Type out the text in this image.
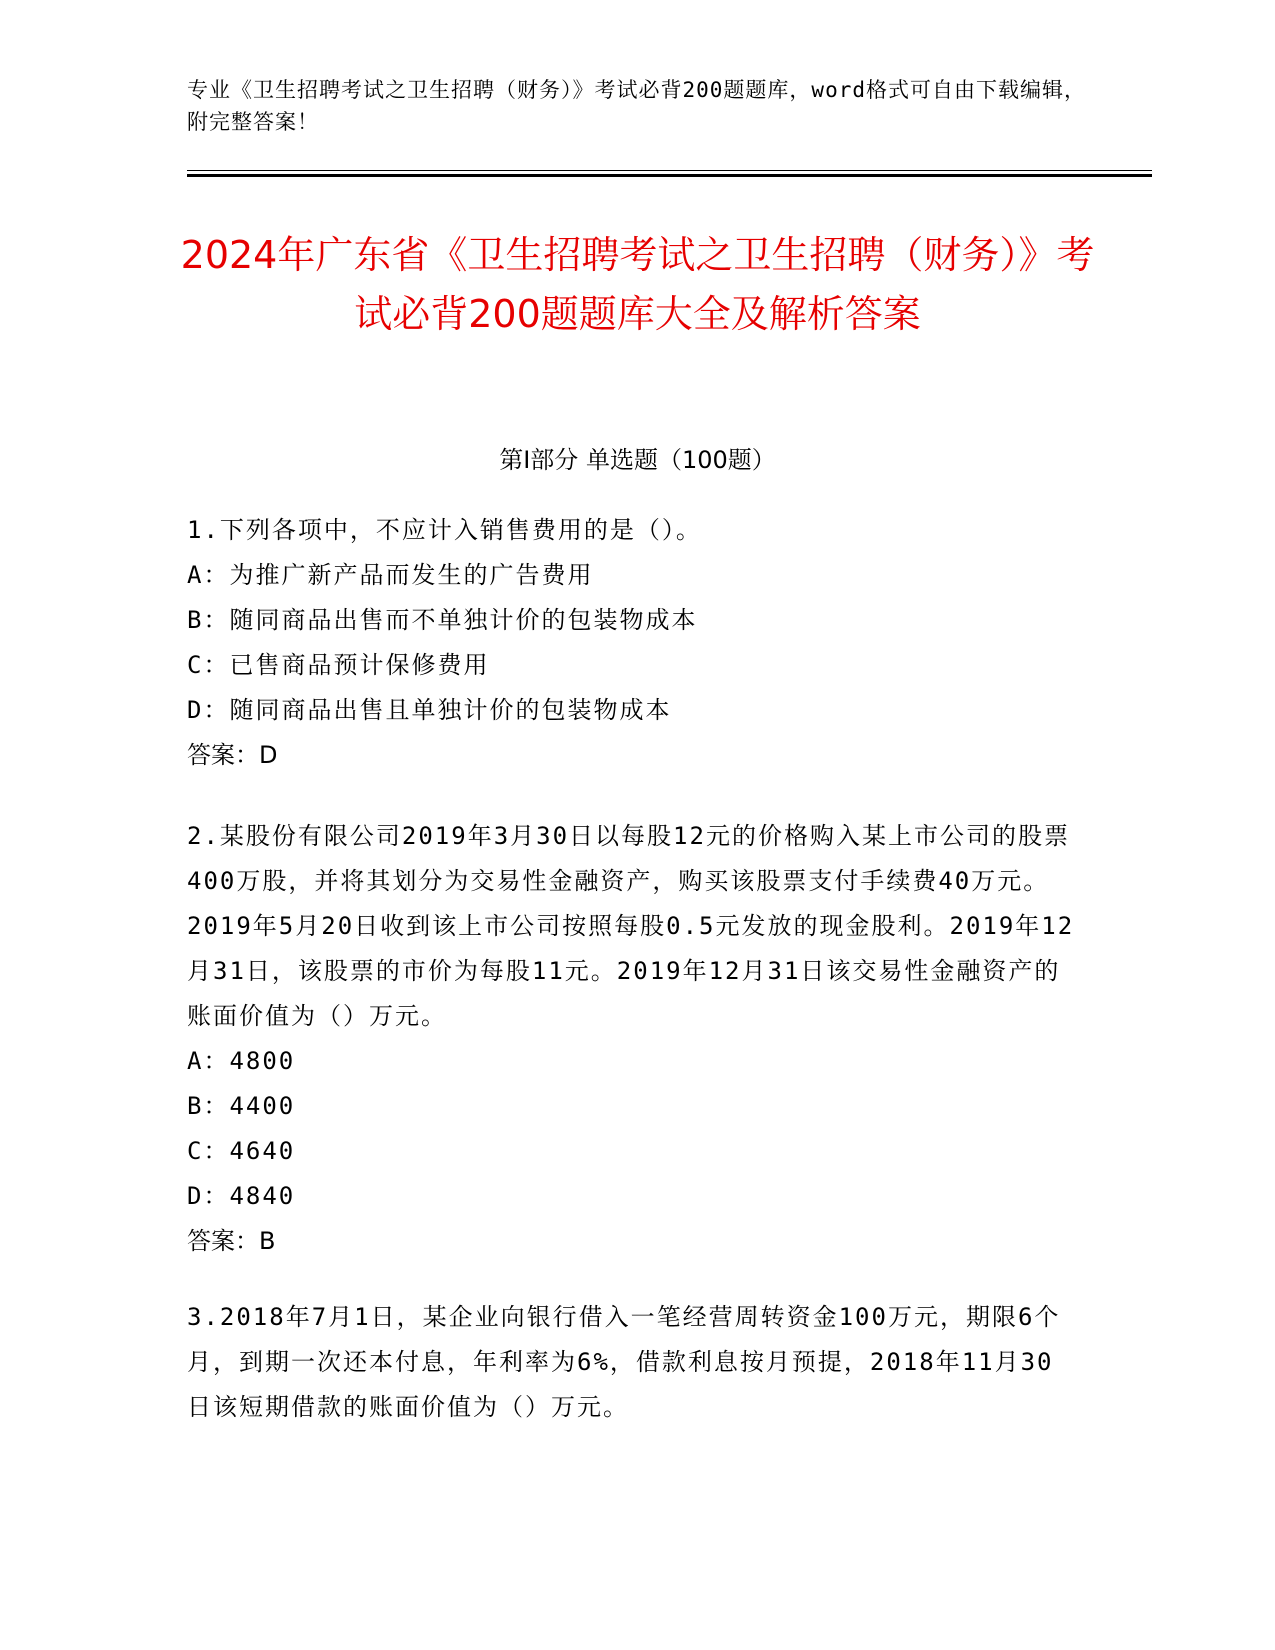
专业《卫生招聘考试之卫生招聘（财务）》考试必背200题题库，word格式可自由下载编辑，附完整答案！
2024年广东省《卫生招聘考试之卫生招聘（财务）》考试必背200题题库大全及解析答案
第I部分 单选题（100题）

1.下列各项中，不应计入销售费用的是（）。

A：为推广新产品而发生的广告费用

B：随同商品出售而不单独计价的包装物成本

C：已售商品预计保修费用

D：随同商品出售且单独计价的包装物成本

答案：D

2.某股份有限公司2019年3月30日以每股12元的价格购入某上市公司的股票400万股，并将其划分为交易性金融资产，购买该股票支付手续费40万元。2019年5月20日收到该上市公司按照每股0.5元发放的现金股利。2019年12月31日，该股票的市价为每股11元。2019年12月31日该交易性金融资产的账面价值为（）万元。

A：4800

B：4400

C：4640

D：4840

答案：B

3.2018年7月1日，某企业向银行借入一笔经营周转资金100万元，期限6个月，到期一次还本付息，年利率为6%，借款利息按月预提，2018年11月30日该短期借款的账面价值为（）万元。
